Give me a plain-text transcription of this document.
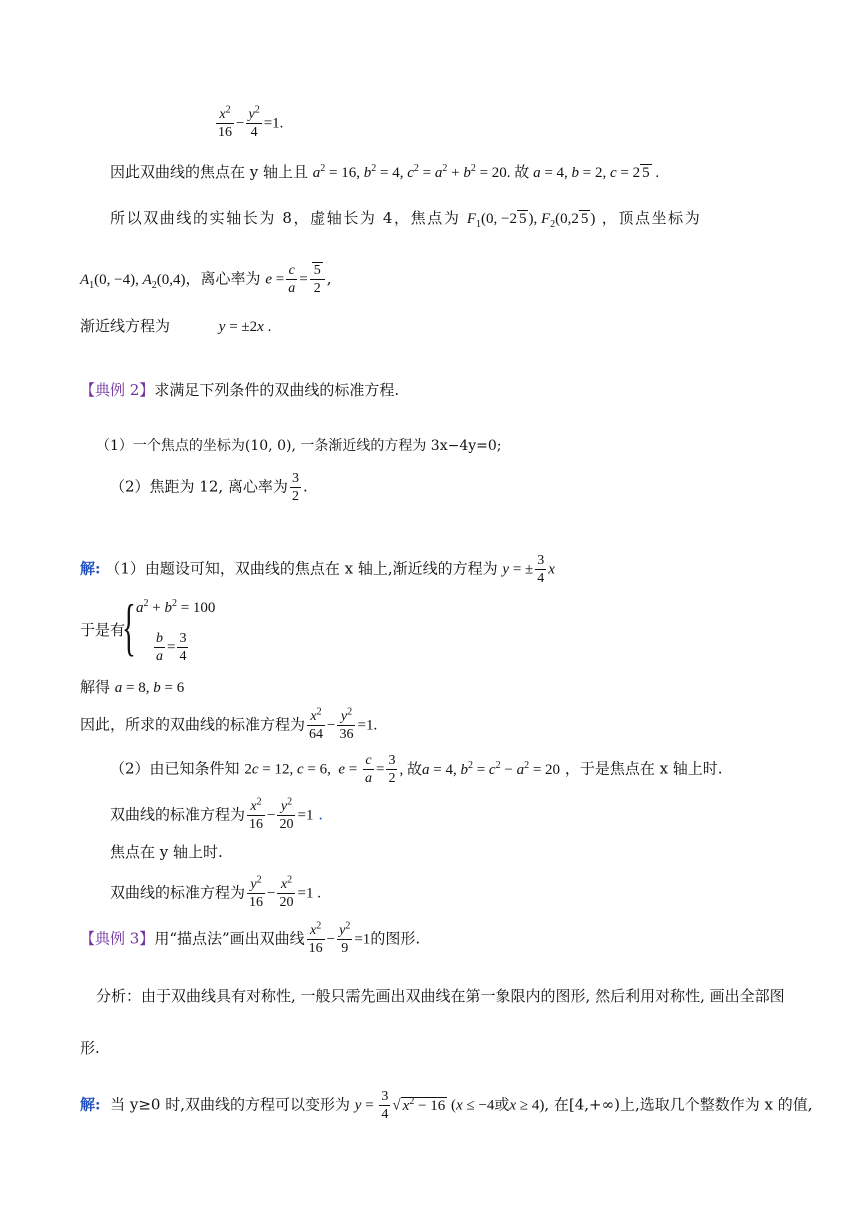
$\frac{x^2}{16} - \frac{y^2}{4} =1$.
因此双曲线的焦点在 y 轴上且 $a^2 = 16$, $b^2 = 4$, $c^2 = a^2 + b^2 = 20$. 故 a = 4, b = 2, c = 2 5 .
所以双曲线的实轴长为 8，虚轴长为 4，焦点为 $F_1(0$, −2 5 ), $F_2(0,2$ 5 ) ，顶点坐标为
$A_1(0$, −4), $A_2(0,4)$，离心率为 $e = \frac{c}{a} = \frac{5}{2}$ ,
渐近线方程为	y = ±2x .
【典例 2】求满足下列条件的双曲线的标准方程.
（1）一个焦点的坐标为(10, 0), 一条渐近线的方程为 3x−4y=0;
（2）焦距为 12, 离心率为 $\frac{3}{2}$ .
解: （1）由题设可知，双曲线的焦点在 x 轴上,渐近线的方程为 y = ± $\frac{3}{4}$ x
于是有
{ $a^2 + b^2 = 100$
$\frac{b}{a} = \frac{3}{4}$
解得 a = 8, b = 6
因此，所求的双曲线的标准方程为 $\frac{x^2}{64} - \frac{y^2}{36} =1$.
（2）由已知条件知 2c = 12, c = 6,  $e = \frac{c}{a} = \frac{3}{2}$ , 故a = 4, $b^2 = c^2 - a^2 = 20$ ，于是焦点在 x 轴上时.
双曲线的标准方程为 $\frac{x^2}{16} - \frac{y^2}{20} =1$ .
焦点在 y 轴上时.
双曲线的标准方程为 $\frac{y^2}{16} - \frac{x^2}{20} =1$ .
【典例 3】用“描点法”画出双曲线 $\frac{x^2}{16} - \frac{y^2}{9} =1$的图形.
分析：由于双曲线具有对称性, 一般只需先画出双曲线在第一象限内的图形, 然后利用对称性, 画出全部图
形.
解: 当 y≥0 时,双曲线的方程可以变形为 $y = \frac{3}{4}$ √ $x^2 - 16$ (x ≤ −4或x ≥ 4), 在[4,+∞)上,选取几个整数作为 x 的值,
